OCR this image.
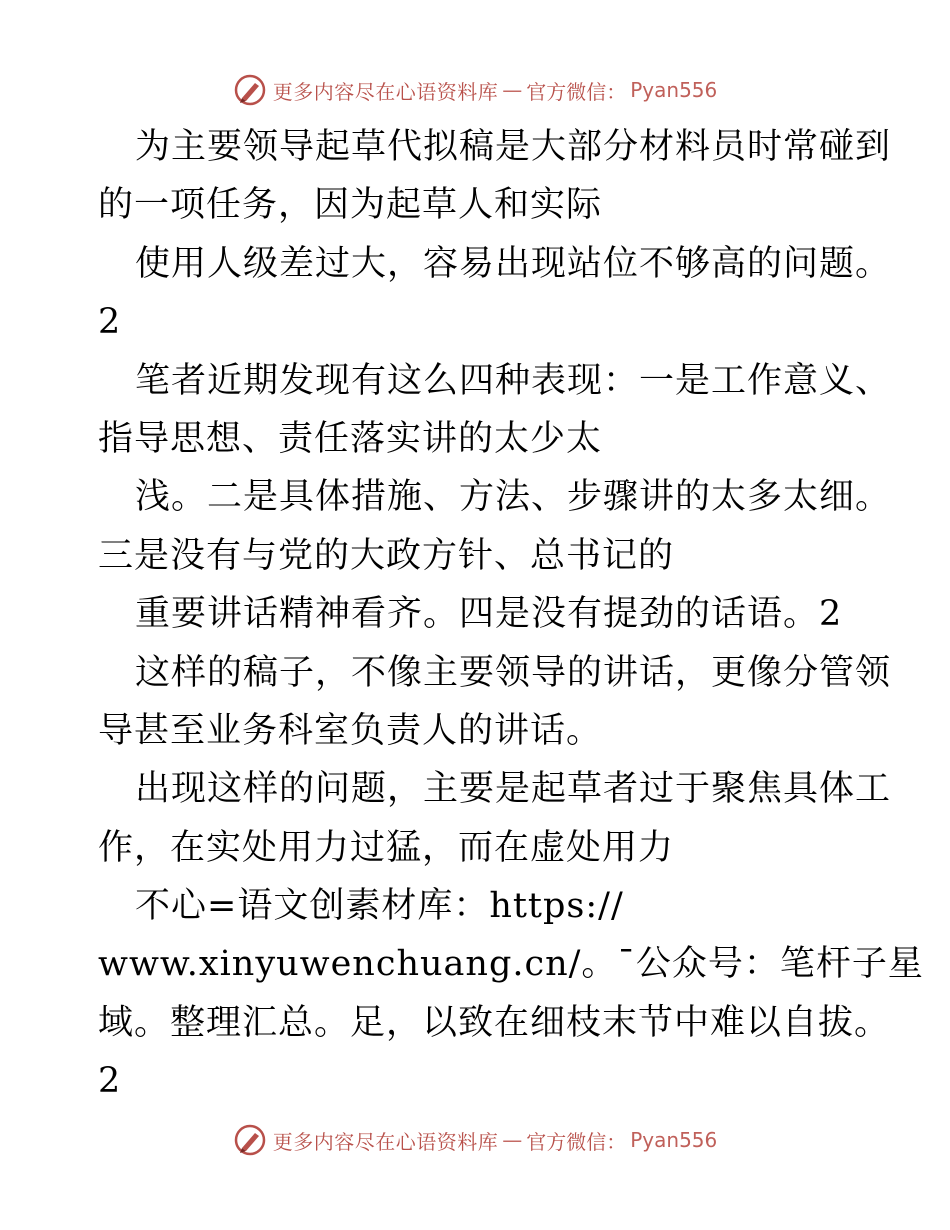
更多内容尽在心语资料库 — 官方微信： Pyan556
为主要领导起草代拟稿是大部分材料员时常碰到
的一项任务，因为起草人和实际
使用人级差过大，容易出现站位不够高的问题。
2
笔者近期发现有这么四种表现：一是工作意义、
指导思想、责任落实讲的太少太
浅。二是具体措施、方法、步骤讲的太多太细。
三是没有与党的大政方针、总书记的
重要讲话精神看齐。四是没有提劲的话语。2
这样的稿子，不像主要领导的讲话，更像分管领
导甚至业务科室负责人的讲话。
出现这样的问题，主要是起草者过于聚焦具体工
作，在实处用力过猛，而在虚处用力
不心=语文创素材库：https://
www.xinyuwenchuang.cn/。¯公众号：笔杆子星
域。整理汇总。足，以致在细枝末节中难以自拔。
2
更多内容尽在心语资料库 — 官方微信： Pyan556
